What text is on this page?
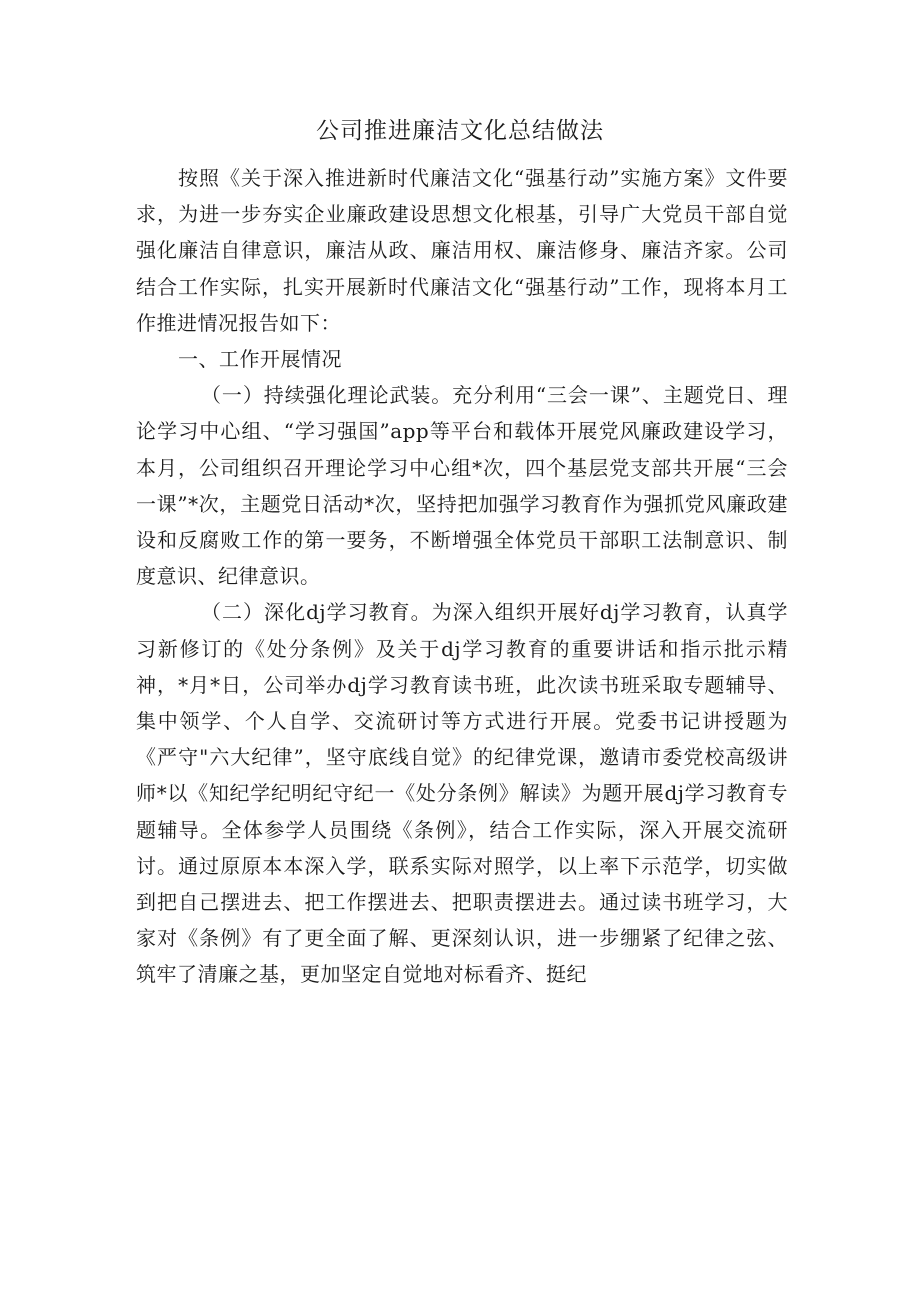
公司推进廉洁文化总结做法

按照《关于深入推进新时代廉洁文化“强基行动”实施方案》文件要求，为进一步夯实企业廉政建设思想文化根基，引导广大党员干部自觉强化廉洁自律意识，廉洁从政、廉洁用权、廉洁修身、廉洁齐家。公司结合工作实际，扎实开展新时代廉洁文化“强基行动”工作，现将本月工作推进情况报告如下：

一、工作开展情况

（一）持续强化理论武装。充分利用“三会一课”、主题党日、理论学习中心组、“学习强国”app等平台和载体开展党风廉政建设学习，本月，公司组织召开理论学习中心组*次，四个基层党支部共开展“三会一课”*次，主题党日活动*次，坚持把加强学习教育作为强抓党风廉政建设和反腐败工作的第一要务，不断增强全体党员干部职工法制意识、制度意识、纪律意识。

（二）深化dj学习教育。为深入组织开展好dj学习教育，认真学习新修订的《处分条例》及关于dj学习教育的重要讲话和指示批示精神，*月*日，公司举办dj学习教育读书班，此次读书班采取专题辅导、集中领学、个人自学、交流研讨等方式进行开展。党委书记讲授题为《严守"六大纪律”，坚守底线自觉》的纪律党课，邀请市委党校高级讲师*以《知纪学纪明纪守纪一《处分条例》解读》为题开展dj学习教育专题辅导。全体参学人员围绕《条例》，结合工作实际，深入开展交流研讨。通过原原本本深入学，联系实际对照学，以上率下示范学，切实做到把自己摆进去、把工作摆进去、把职责摆进去。通过读书班学习，大家对《条例》有了更全面了解、更深刻认识，进一步绷紧了纪律之弦、筑牢了清廉之基，更加坚定自觉地对标看齐、挺纪
